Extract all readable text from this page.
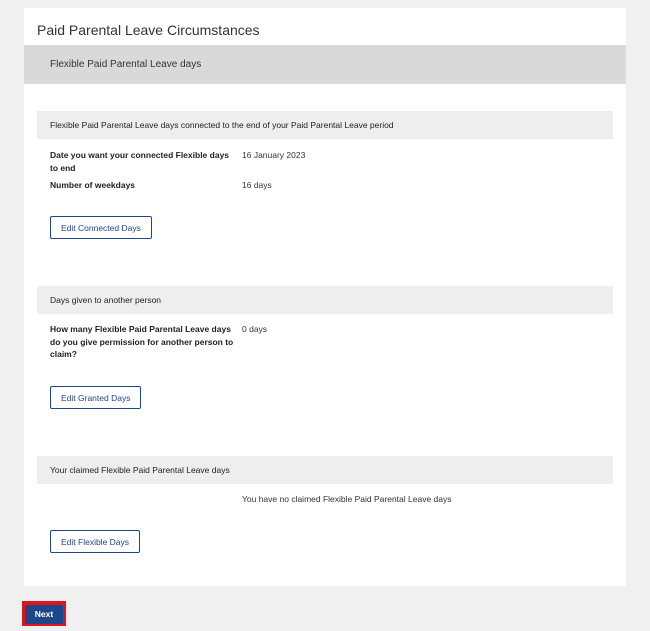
Paid Parental Leave Circumstances
Flexible Paid Parental Leave days
Flexible Paid Parental Leave days connected to the end of your Paid Parental Leave period
Date you want your connected Flexible days to end
16 January 2023
Number of weekdays	16 days
Edit Connected Days
Days given to another person
How many Flexible Paid Parental Leave days do you give permission for another person to claim?
0 days
Edit Granted Days
Your claimed Flexible Paid Parental Leave days
You have no claimed Flexible Paid Parental Leave days
Edit Flexible Days
Next
